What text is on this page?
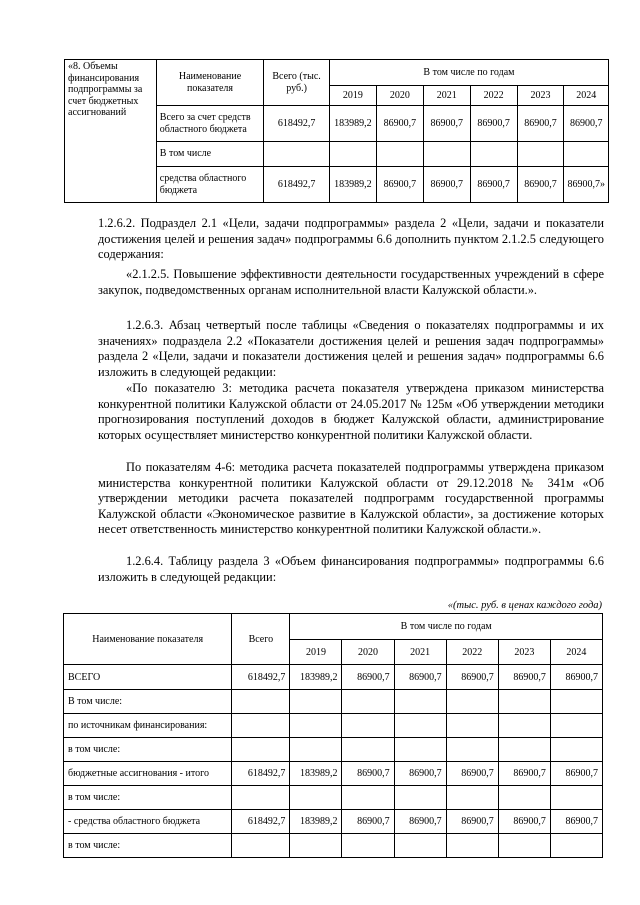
«8. Объемы финансирования подпрограммы за счет бюджетных ассигнований	Наименование показателя	Всего (тыс. руб.)	В том числе по годам					
			2019	2020	2021	2022	2023	2024
	Всего за счет средств областного бюджета	618492,7	183989,2	86900,7	86900,7	86900,7	86900,7	86900,7
	В том числе							
	средства областного бюджета	618492,7	183989,2	86900,7	86900,7	86900,7	86900,7	86900,7»

1.2.6.2. Подраздел 2.1 «Цели, задачи подпрограммы» раздела 2 «Цели, задачи и показатели достижения целей и решения задач» подпрограммы 6.6 дополнить пунктом 2.1.2.5 следующего содержания:

«2.1.2.5. Повышение эффективности деятельности государственных учреждений в сфере закупок, подведомственных органам исполнительной власти Калужской области.».

1.2.6.3. Абзац четвертый после таблицы «Сведения о показателях подпрограммы и их значениях» подраздела 2.2 «Показатели достижения целей и решения задач подпрограммы» раздела 2 «Цели, задачи и показатели достижения целей и решения задач» подпрограммы 6.6 изложить в следующей редакции:

«По показателю 3: методика расчета показателя утверждена приказом министерства конкурентной политики Калужской области от 24.05.2017 № 125м «Об утверждении методики прогнозирования поступлений доходов в бюджет Калужской области, администрирование которых осуществляет министерство конкурентной политики Калужской области.

По показателям 4-6: методика расчета показателей подпрограммы утверждена приказом министерства конкурентной политики Калужской области от 29.12.2018 № 341м «Об утверждении методики расчета показателей подпрограмм государственной программы Калужской области «Экономическое развитие в Калужской области», за достижение которых несет ответственность министерство конкурентной политики Калужской области.».

1.2.6.4. Таблицу раздела 3 «Объем финансирования подпрограммы» подпрограммы 6.6 изложить в следующей редакции:

«(тыс. руб. в ценах каждого года)
Наименование показателя	Всего	В том числе по годам					
		2019	2020	2021	2022	2023	2024
ВСЕГО	618492,7	183989,2	86900,7	86900,7	86900,7	86900,7	86900,7
В том числе:							
по источникам финансирования:							
в том числе:							
бюджетные ассигнования - итого	618492,7	183989,2	86900,7	86900,7	86900,7	86900,7	86900,7
в том числе:							
- средства областного бюджета	618492,7	183989,2	86900,7	86900,7	86900,7	86900,7	86900,7
в том числе:							
